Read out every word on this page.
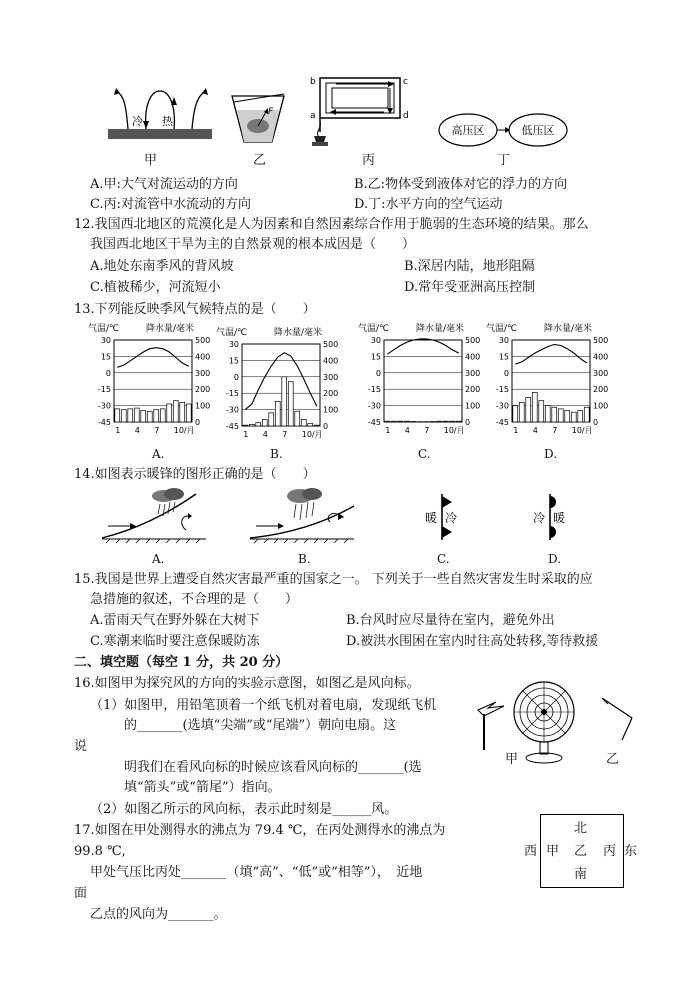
冷 热
F
b	c
a	d
高压区	低压区
甲	乙	丙	丁
A.甲:大气对流运动的方向	B.乙:物体受到液体对它的浮力的方向
C.丙:对流管中水流动的方向	D.丁:水平方向的空气运动
12.我国西北地区的荒漠化是人为因素和自然因素综合作用于脆弱的生态环境的结果。那么
我国西北地区干旱为主的自然景观的根本成因是（　　）
A.地处东南季风的背风坡	B.深居内陆，地形阻隔
C.植被稀少，河流短小	D.常年受亚洲高压控制
13.下列能反映季风气候特点的是（　　）
气温/℃	降水量/毫米
30
15
0
-15
-30
-45
500
400
300
200
100
0
1 4 7 10/月
气温/℃	降水量/毫米
30
15
0
-15
-30
-45
500
400
300
200
100
0
1 4 7 10/月
气温/℃	降水量/毫米
30
15
0
-15
-30
-45
500
400
300
200
100
0
1 4 7 10/月
气温/℃	降水量/毫米
30
15
0
-15
-30
-45
500
400
300
200
100
0
1 4 7 10/月
A.	B.	C.	D.
14.如图表示暖锋的图形正确的是（　　）
暖 冷	冷 暖
A.	B.	C.	D.
15.我国是世界上遭受自然灾害最严重的国家之一。 下列关于一些自然灾害发生时采取的应
急措施的叙述，不合理的是（　　）
A.雷雨天气在野外躲在大树下	B.台风时应尽量待在室内，避免外出
C.寒潮来临时要注意保暖防冻	D.被洪水围困在室内时往高处转移,等待救援
二、填空题（每空 1 分，共 20 分）
16.如图甲为探究风的方向的实验示意图，如图乙是风向标。
（1）如图甲，用铅笔顶着一个纸飞机对着电扇，发现纸飞机
的_______(选填“尖端”或“尾端”）朝向电扇。这
说
明我们在看风向标的时候应该看风向标的_______(选
填“箭头”或“箭尾”）指向。
（2）如图乙所示的风向标，表示此时刻是______风。
甲	乙
17.如图在甲处测得水的沸点为 79.4 ℃，在丙处测得水的沸点为
99.8 ℃,
甲处气压比丙处_______（填“高”、“低”或“相等”），　近地
面
乙点的风向为_______。
北
南
西	东
甲 乙 丙
